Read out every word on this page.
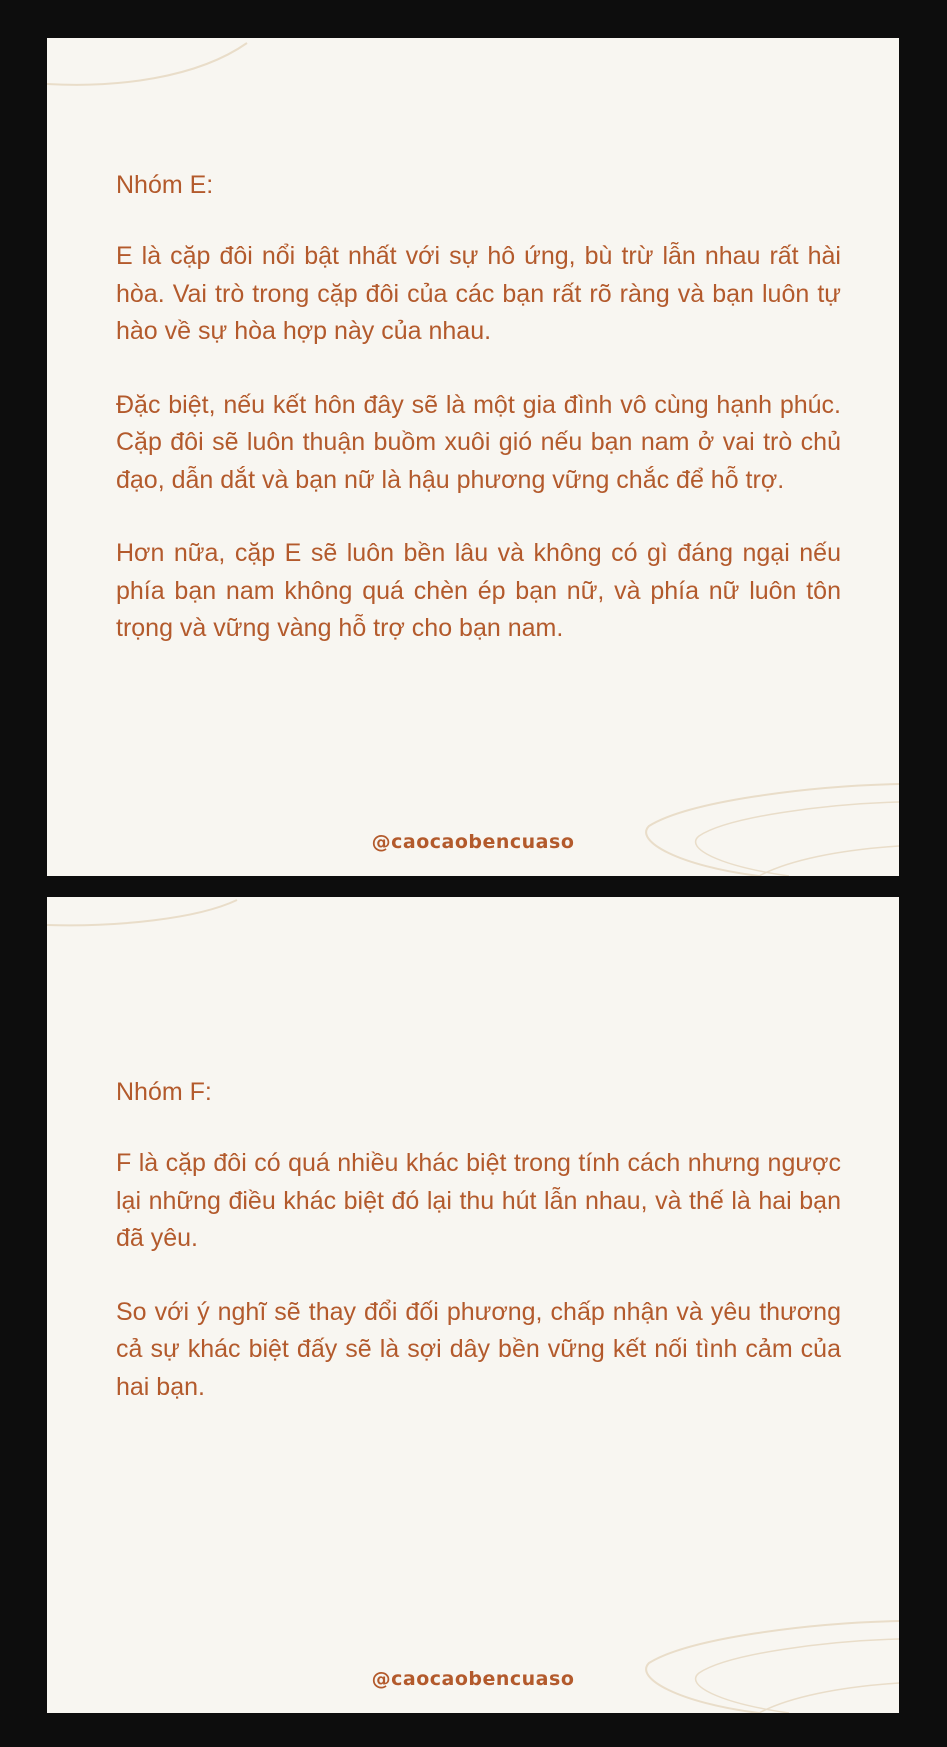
Nhóm E:

E là cặp đôi nổi bật nhất với sự hô ứng, bù trừ lẫn nhau rất hài hòa. Vai trò trong cặp đôi của các bạn rất rõ ràng và bạn luôn tự hào về sự hòa hợp này của nhau.

Đặc biệt, nếu kết hôn đây sẽ là một gia đình vô cùng hạnh phúc. Cặp đôi sẽ luôn thuận buồm xuôi gió nếu bạn nam ở vai trò chủ đạo, dẫn dắt và bạn nữ là hậu phương vững chắc để hỗ trợ.

Hơn nữa, cặp E sẽ luôn bền lâu và không có gì đáng ngại nếu phía bạn nam không quá chèn ép bạn nữ, và phía nữ luôn tôn trọng và vững vàng hỗ trợ cho bạn nam.

@caocaobencuaso
Nhóm F:

F là cặp đôi có quá nhiều khác biệt trong tính cách nhưng ngược lại những điều khác biệt đó lại thu hút lẫn nhau, và thế là hai bạn đã yêu.

So với ý nghĩ sẽ thay đổi đối phương, chấp nhận và yêu thương cả sự khác biệt đấy sẽ là sợi dây bền vững kết nối tình cảm của hai bạn.

@caocaobencuaso
